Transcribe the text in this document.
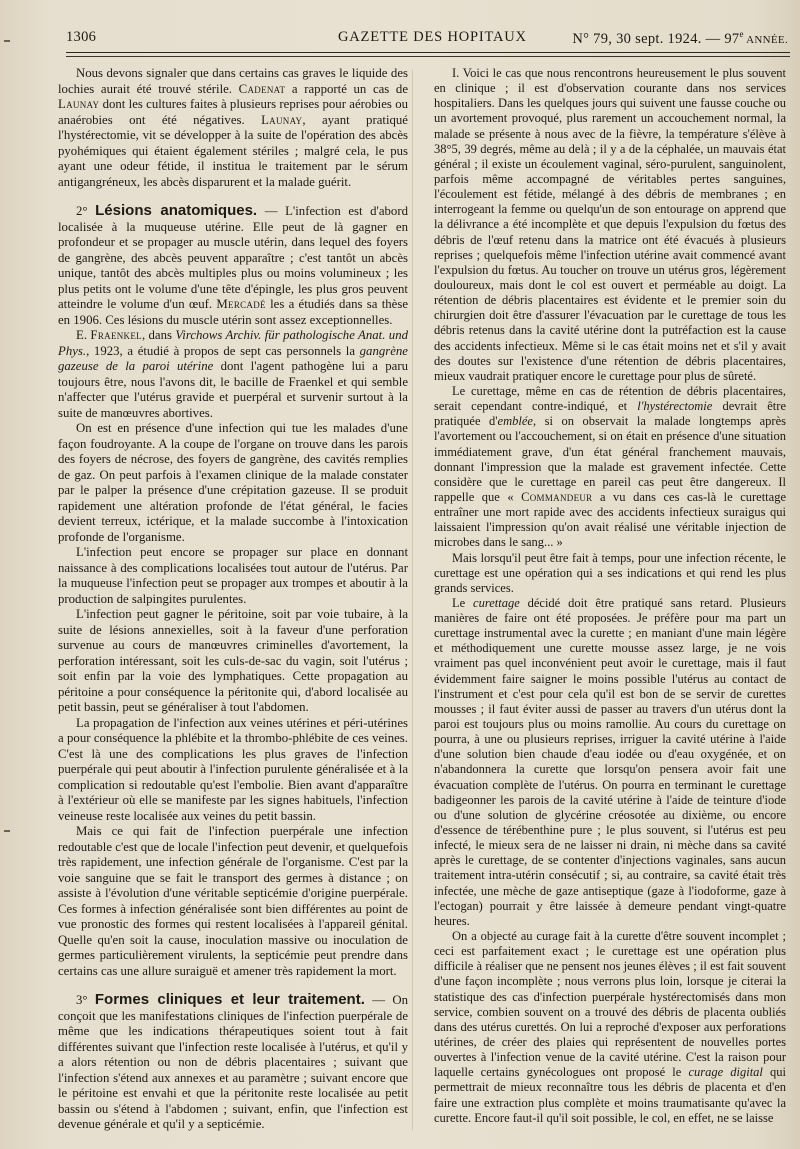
1306	GAZETTE DES HOPITAUX	N° 79, 30 sept. 1924. — 97e ANNÉE.

Nous devons signaler que dans certains cas graves le liquide des lochies aurait été trouvé stérile. Cadenat a rapporté un cas de Launay dont les cultures faites à plusieurs reprises pour aérobies ou anaérobies ont été négatives. Launay, ayant pratiqué l'hystérectomie, vit se développer à la suite de l'opération des abcès pyohémiques qui étaient également stériles ; malgré cela, le pus ayant une odeur fétide, il institua le traitement par le sérum antigangréneux, les abcès disparurent et la malade guérit.

2° Lésions anatomiques. — L'infection est d'abord localisée à la muqueuse utérine. Elle peut de là gagner en profondeur et se propager au muscle utérin, dans lequel des foyers de gangrène, des abcès peuvent apparaître ; c'est tantôt un abcès unique, tantôt des abcès multiples plus ou moins volumineux ; les plus petits ont le volume d'une tête d'épingle, les plus gros peuvent atteindre le volume d'un œuf. Mercadé les a étudiés dans sa thèse en 1906. Ces lésions du muscle utérin sont assez exceptionnelles.

E. Fraenkel, dans Virchows Archiv. für pathologische Anat. und Phys., 1923, a étudié à propos de sept cas personnels la gangrène gazeuse de la paroi utérine dont l'agent pathogène lui a paru toujours être, nous l'avons dit, le bacille de Fraenkel et qui semble n'affecter que l'utérus gravide et puerpéral et survenir surtout à la suite de manœuvres abortives.

On est en présence d'une infection qui tue les malades d'une façon foudroyante. A la coupe de l'organe on trouve dans les parois des foyers de nécrose, des foyers de gangrène, des cavités remplies de gaz. On peut parfois à l'examen clinique de la malade constater par le palper la présence d'une crépitation gazeuse. Il se produit rapidement une altération profonde de l'état général, le facies devient terreux, ictérique, et la malade succombe à l'intoxication profonde de l'organisme.

L'infection peut encore se propager sur place en donnant naissance à des complications localisées tout autour de l'utérus. Par la muqueuse l'infection peut se propager aux trompes et aboutir à la production de salpingites purulentes.

L'infection peut gagner le péritoine, soit par voie tubaire, à la suite de lésions annexielles, soit à la faveur d'une perforation survenue au cours de manœuvres criminelles d'avortement, la perforation intéressant, soit les culs-de-sac du vagin, soit l'utérus ; soit enfin par la voie des lymphatiques. Cette propagation au péritoine a pour conséquence la péritonite qui, d'abord localisée au petit bassin, peut se généraliser à tout l'abdomen.

La propagation de l'infection aux veines utérines et péri-utérines a pour conséquence la phlébite et la thrombo-phlébite de ces veines. C'est là une des complications les plus graves de l'infection puerpérale qui peut aboutir à l'infection purulente généralisée et à la complication si redoutable qu'est l'embolie. Bien avant d'apparaître à l'extérieur où elle se manifeste par les signes habituels, l'infection veineuse reste localisée aux veines du petit bassin.

Mais ce qui fait de l'infection puerpérale une infection redoutable c'est que de locale l'infection peut devenir, et quelquefois très rapidement, une infection générale de l'organisme. C'est par la voie sanguine que se fait le transport des germes à distance ; on assiste à l'évolution d'une véritable septicémie d'origine puerpérale. Ces formes à infection généralisée sont bien différentes au point de vue pronostic des formes qui restent localisées à l'appareil génital. Quelle qu'en soit la cause, inoculation massive ou inoculation de germes particulièrement virulents, la septicémie peut prendre dans certains cas une allure suraiguë et amener très rapidement la mort.

3° Formes cliniques et leur traitement. — On conçoit que les manifestations cliniques de l'infection puerpérale de même que les indications thérapeutiques soient tout à fait différentes suivant que l'infection reste localisée à l'utérus, et qu'il y a alors rétention ou non de débris placentaires ; suivant que l'infection s'étend aux annexes et au paramètre ; suivant encore que le péritoine est envahi et que la péritonite reste localisée au petit bassin ou s'étend à l'abdomen ; suivant, enfin, que l'infection est devenue générale et qu'il y a septicémie.

I. Voici le cas que nous rencontrons heureusement le plus souvent en clinique ; il est d'observation courante dans nos services hospitaliers. Dans les quelques jours qui suivent une fausse couche ou un avortement provoqué, plus rarement un accouchement normal, la malade se présente à nous avec de la fièvre, la température s'élève à 38°5, 39 degrés, même au delà ; il y a de la céphalée, un mauvais état général ; il existe un écoulement vaginal, séro-purulent, sanguinolent, parfois même accompagné de véritables pertes sanguines, l'écoulement est fétide, mélangé à des débris de membranes ; en interrogeant la femme ou quelqu'un de son entourage on apprend que la délivrance a été incomplète et que depuis l'expulsion du fœtus des débris de l'œuf retenu dans la matrice ont été évacués à plusieurs reprises ; quelquefois même l'infection utérine avait commencé avant l'expulsion du fœtus. Au toucher on trouve un utérus gros, légèrement douloureux, mais dont le col est ouvert et perméable au doigt. La rétention de débris placentaires est évidente et le premier soin du chirurgien doit être d'assurer l'évacuation par le curettage de tous les débris retenus dans la cavité utérine dont la putréfaction est la cause des accidents infectieux. Même si le cas était moins net et s'il y avait des doutes sur l'existence d'une rétention de débris placentaires, mieux vaudrait pratiquer encore le curettage pour plus de sûreté.

Le curettage, même en cas de rétention de débris placentaires, serait cependant contre-indiqué, et l'hystérectomie devrait être pratiquée d'emblée, si on observait la malade longtemps après l'avortement ou l'accouchement, si on était en présence d'une situation immédiatement grave, d'un état général franchement mauvais, donnant l'impression que la malade est gravement infectée. Cette considère que le curettage en pareil cas peut être dangereux. Il rappelle que « Commandeur a vu dans ces cas-là le curettage entraîner une mort rapide avec des accidents infectieux suraigus qui laissaient l'impression qu'on avait réalisé une véritable injection de microbes dans le sang... »

Mais lorsqu'il peut être fait à temps, pour une infection récente, le curettage est une opération qui a ses indications et qui rend les plus grands services.

Le curettage décidé doit être pratiqué sans retard. Plusieurs manières de faire ont été proposées. Je préfère pour ma part un curettage instrumental avec la curette ; en maniant d'une main légère et méthodiquement une curette mousse assez large, je ne vois vraiment pas quel inconvénient peut avoir le curettage, mais il faut évidemment faire saigner le moins possible l'utérus au contact de l'instrument et c'est pour cela qu'il est bon de se servir de curettes mousses ; il faut éviter aussi de passer au travers d'un utérus dont la paroi est toujours plus ou moins ramollie. Au cours du curettage on pourra, à une ou plusieurs reprises, irriguer la cavité utérine à l'aide d'une solution bien chaude d'eau iodée ou d'eau oxygénée, et on n'abandonnera la curette que lorsqu'on pensera avoir fait une évacuation complète de l'utérus. On pourra en terminant le curettage badigeonner les parois de la cavité utérine à l'aide de teinture d'iode ou d'une solution de glycérine créosotée au dixième, ou encore d'essence de térébenthine pure ; le plus souvent, si l'utérus est peu infecté, le mieux sera de ne laisser ni drain, ni mèche dans sa cavité après le curettage, de se contenter d'injections vaginales, sans aucun traitement intra-utérin consécutif ; si, au contraire, sa cavité était très infectée, une mèche de gaze antiseptique (gaze à l'iodoforme, gaze à l'ectogan) pourrait y être laissée à demeure pendant vingt-quatre heures.

On a objecté au curage fait à la curette d'être souvent incomplet ; ceci est parfaitement exact ; le curettage est une opération plus difficile à réaliser que ne pensent nos jeunes élèves ; il est fait souvent d'une façon incomplète ; nous verrons plus loin, lorsque je citerai la statistique des cas d'infection puerpérale hystérectomisés dans mon service, combien souvent on a trouvé des débris de placenta oubliés dans des utérus curettés. On lui a reproché d'exposer aux perforations utérines, de créer des plaies qui représentent de nouvelles portes ouvertes à l'infection venue de la cavité utérine. C'est la raison pour laquelle certains gynécologues ont proposé le curage digital qui permettrait de mieux reconnaître tous les débris de placenta et d'en faire une extraction plus complète et moins traumatisante qu'avec la curette. Encore faut-il qu'il soit possible, le col, en effet, ne se laisse
